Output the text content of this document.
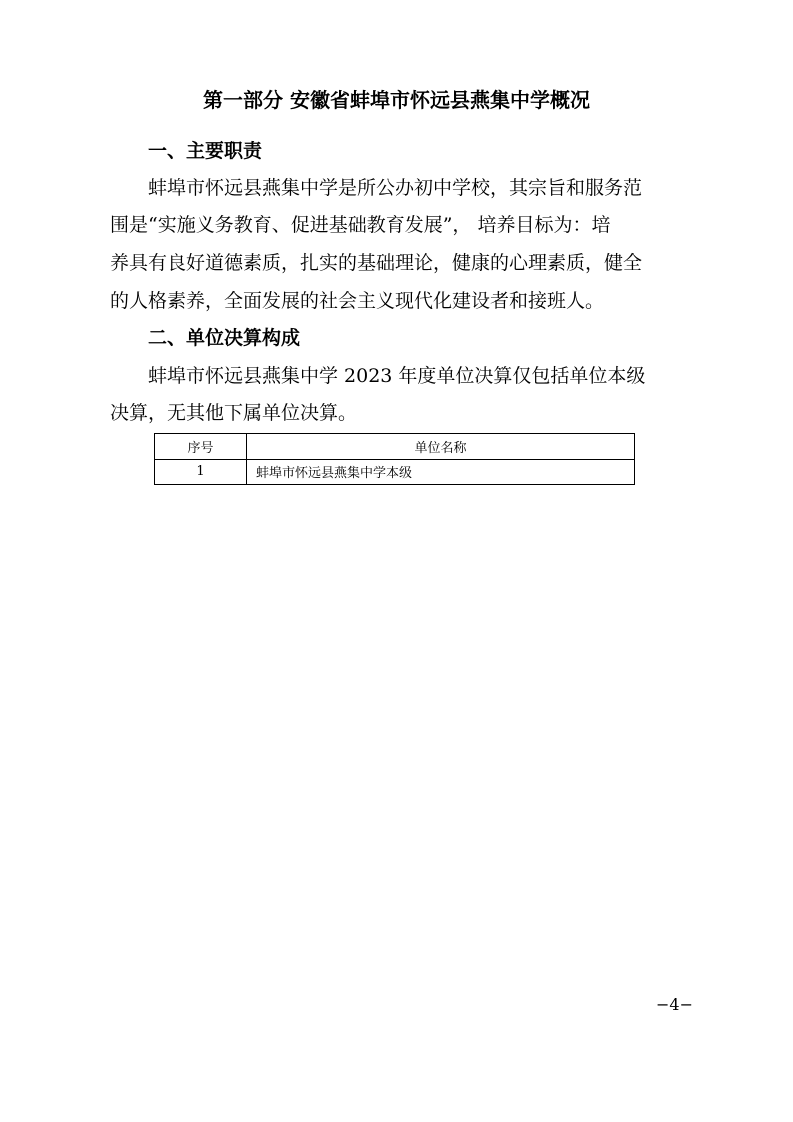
第一部分 安徽省蚌埠市怀远县燕集中学概况
一、主要职责
蚌埠市怀远县燕集中学是所公办初中学校，其宗旨和服务范
围是“实施义务教育、促进基础教育发展”， 培养目标为：培
养具有良好道德素质，扎实的基础理论，健康的心理素质，健全
的人格素养，全面发展的社会主义现代化建设者和接班人。
二、单位决算构成
蚌埠市怀远县燕集中学 2023 年度单位决算仅包括单位本级
决算，无其他下属单位决算。
序号	单位名称
1	蚌埠市怀远县燕集中学本级
−4−
